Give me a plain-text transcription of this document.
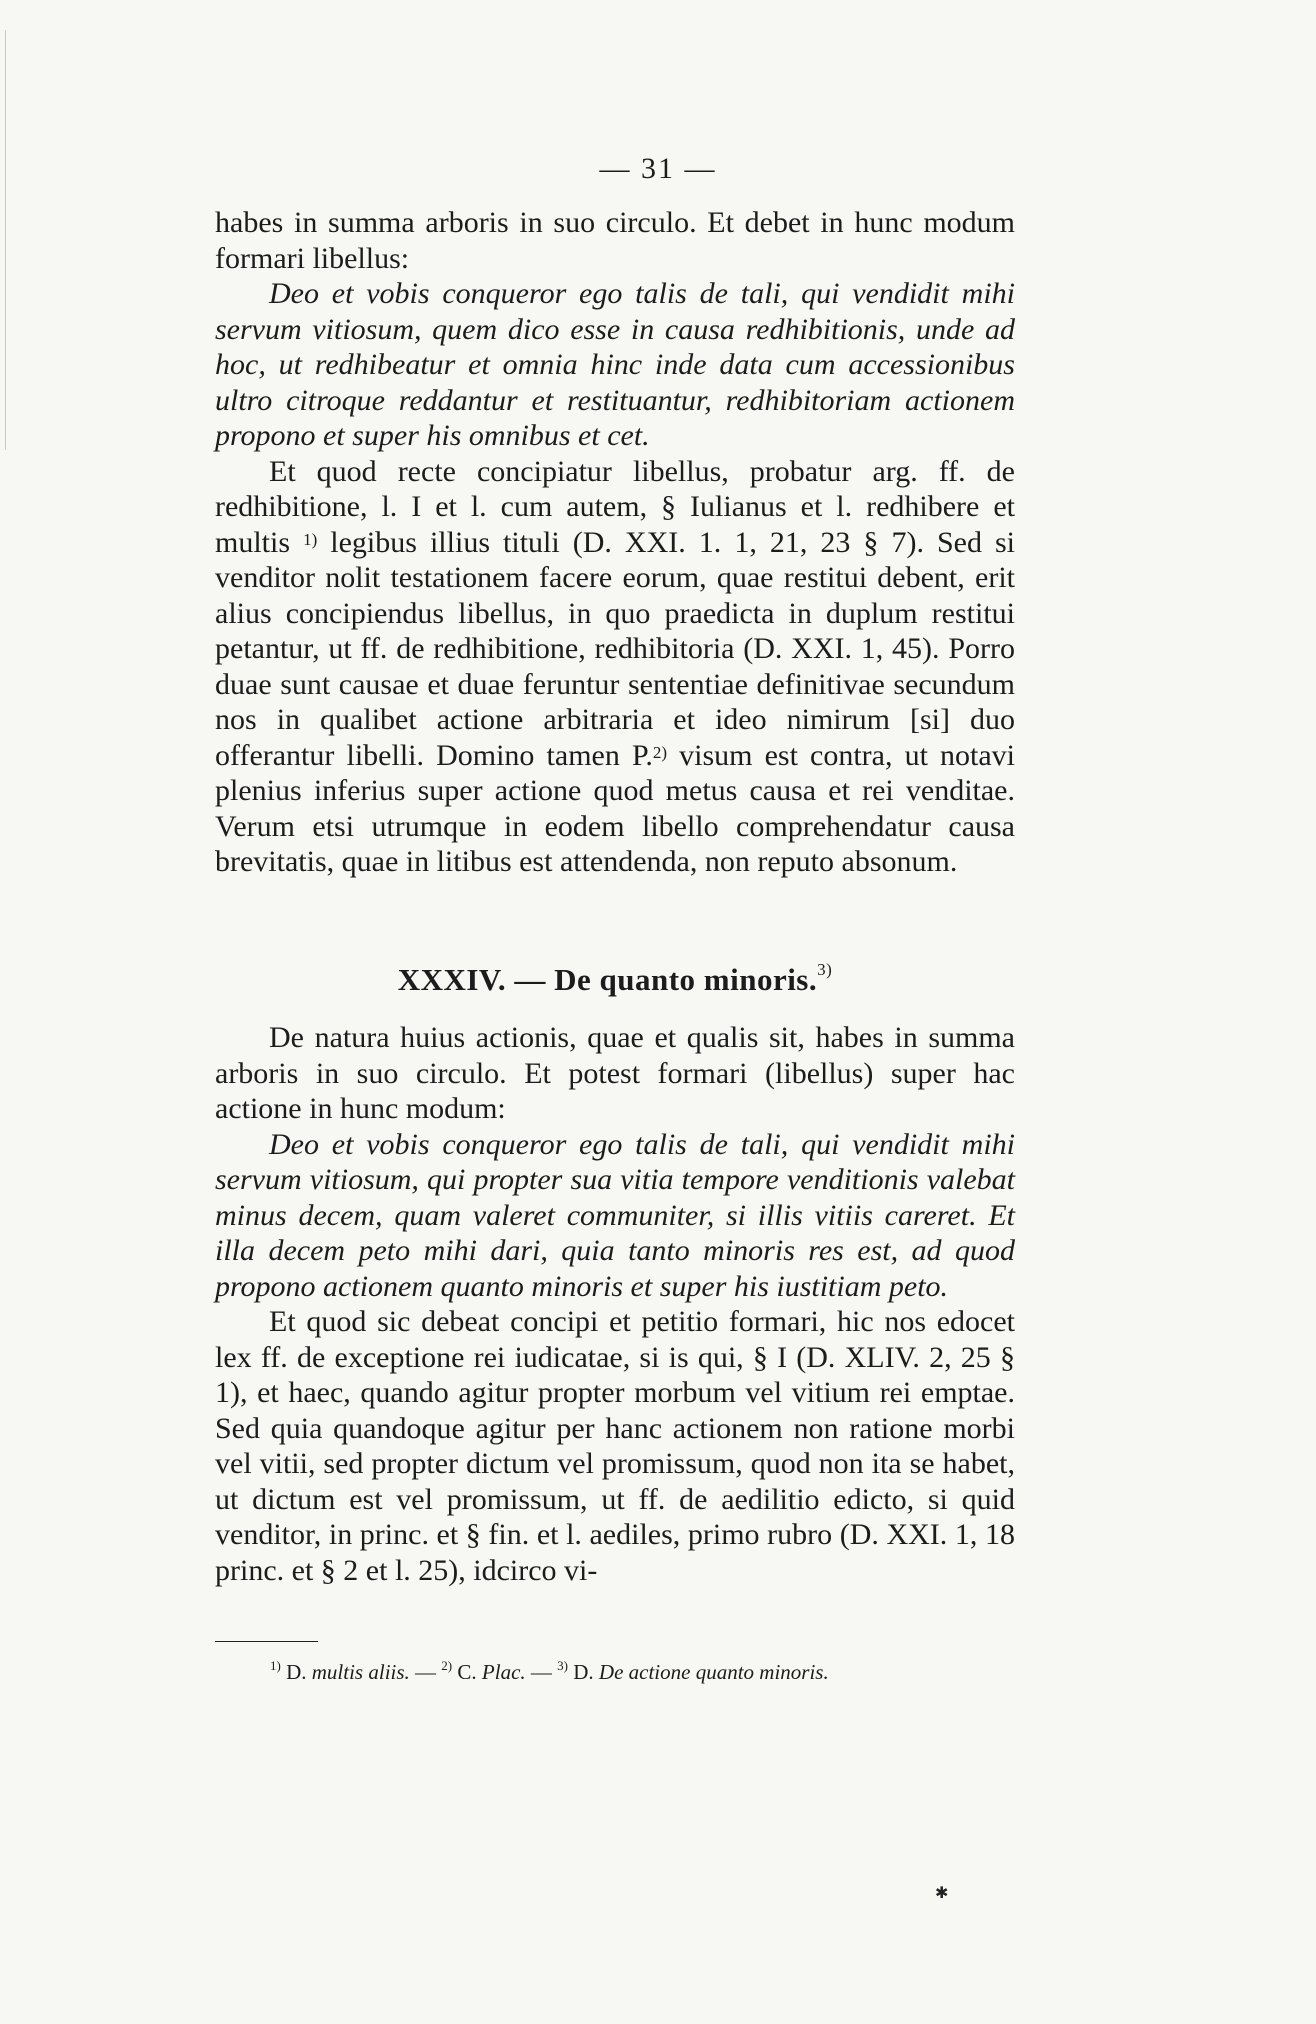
— 31 —

habes in summa arboris in suo circulo. Et debet in hunc modum formari libellus:

Deo et vobis conqueror ego talis de tali, qui vendidit mihi servum vitiosum, quem dico esse in causa redhibitionis, unde ad hoc, ut redhibeatur et omnia hinc inde data cum accessionibus ultro citroque reddantur et restituantur, redhibitoriam actionem propono et super his omnibus et cet.

Et quod recte concipiatur libellus, probatur arg. ff. de redhibitione, l. I et l. cum autem, § Iulianus et l. redhibere et multis $^{1)}$ legibus illius tituli (D. XXI. 1. 1, 21, 23 § 7). Sed si venditor nolit testationem facere eorum, quae restitui debent, erit alius concipiendus libellus, in quo praedicta in duplum restitui petantur, ut ff. de redhibitione, redhibitoria (D. XXI. 1, 45). Porro duae sunt causae et duae feruntur sententiae definitivae secundum nos in qualibet actione arbitraria et ideo nimirum [si] duo offerantur libelli. Domino tamen P.$^{2)}$ visum est contra, ut notavi plenius inferius super actione quod metus causa et rei venditae. Verum etsi utrumque in eodem libello comprehendatur causa brevitatis, quae in litibus est attendenda, non reputo absonum.

XXXIV. — De quanto minoris.$^{3)}$

De natura huius actionis, quae et qualis sit, habes in summa arboris in suo circulo. Et potest formari (libellus) super hac actione in hunc modum:

Deo et vobis conqueror ego talis de tali, qui vendidit mihi servum vitiosum, qui propter sua vitia tempore venditionis valebat minus decem, quam valeret communiter, si illis vitiis careret. Et illa decem peto mihi dari, quia tanto minoris res est, ad quod propono actionem quanto minoris et super his iustitiam peto.

Et quod sic debeat concipi et petitio formari, hic nos edocet lex ff. de exceptione rei iudicatae, si is qui, § I (D. XLIV. 2, 25 § 1), et haec, quando agitur propter morbum vel vitium rei emptae. Sed quia quandoque agitur per hanc actionem non ratione morbi vel vitii, sed propter dictum vel promissum, quod non ita se habet, ut dictum est vel promissum, ut ff. de aedilitio edicto, si quid venditor, in princ. et § fin. et l. aediles, primo rubro (D. XXI. 1, 18 princ. et § 2 et l. 25), idcirco vi-

$^{1)}$ D. multis aliis. — $^{2)}$ C. Plac. — $^{3)}$ D. De actione quanto minoris.
✱
